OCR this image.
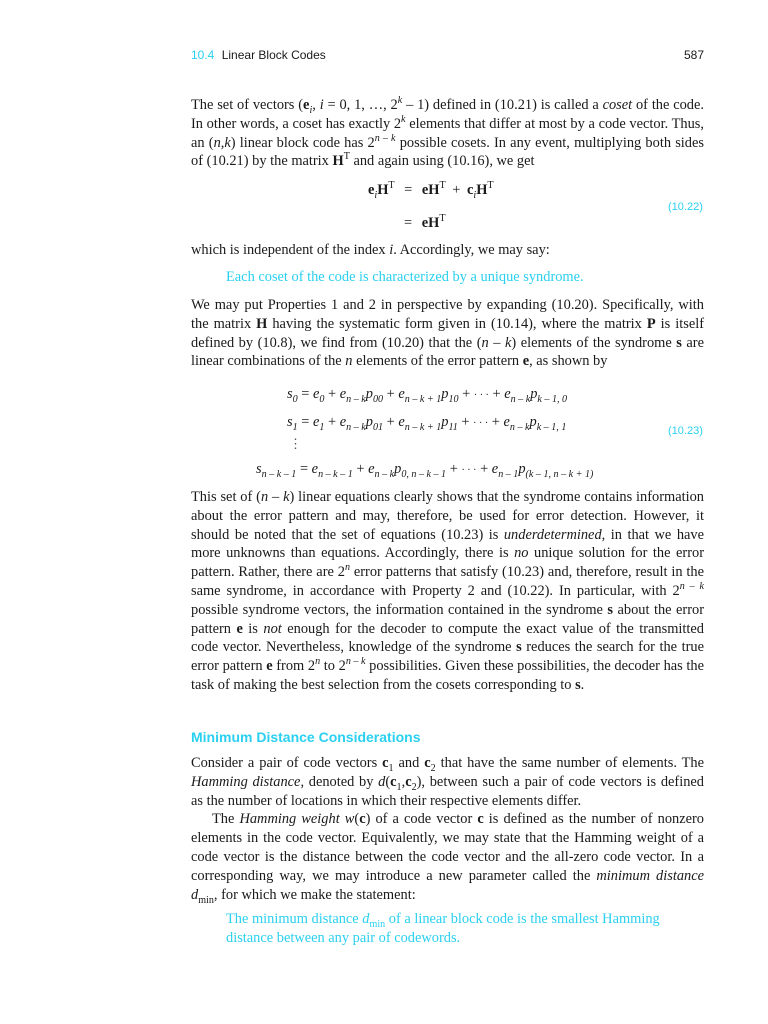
10.4 Linear Block Codes	587

The set of vectors ($e_i$, i = 0, 1, …, 2$^k$ – 1) defined in (10.21) is called a coset of the code. In other words, a coset has exactly 2$^k$ elements that differ at most by a code vector. Thus, an (n,k) linear block code has 2$^{n - k}$ possible cosets. In any event, multiplying both sides of (10.21) by the matrix $H^T$ and again using (10.16), we get

$e_iH^T = eH^T + c_iH^T$
(10.22)
= $eH^T$

which is independent of the index i. Accordingly, we may say:

Each coset of the code is characterized by a unique syndrome.

We may put Properties 1 and 2 in perspective by expanding (10.20). Specifically, with the matrix H having the systematic form given in (10.14), where the matrix P is itself defined by (10.8), we find from (10.20) that the (n – k) elements of the syndrome s are linear combinations of the n elements of the error pattern e, as shown by

$s_0 = e_0 + e_{n - k}p_{00} + e_{n - k + 1}p_{10}$ + · · · + $e_{n - k}p_{k - 1, 0}$
$s_1 = e_1 + e_{n - k}p_{01} + e_{n - k + 1}p_{11}$ + · · · + $e_{n - k}p_{k - 1, 1}$	(10.23)
⋮
$s_{n - k - 1} = e_{n - k - 1} + e_{n - k}p_{0, n - k - 1}$ + · · · + $e_{n - 1}p_{(k - 1, n - k + 1)}$

This set of (n – k) linear equations clearly shows that the syndrome contains information about the error pattern and may, therefore, be used for error detection. However, it should be noted that the set of equations (10.23) is underdetermined, in that we have more unknowns than equations. Accordingly, there is no unique solution for the error pattern. Rather, there are 2$^n$ error patterns that satisfy (10.23) and, therefore, result in the same syndrome, in accordance with Property 2 and (10.22). In particular, with 2$^{n - k}$ possible syndrome vectors, the information contained in the syndrome s about the error pattern e is not enough for the decoder to compute the exact value of the transmitted code vector. Nevertheless, knowledge of the syndrome s reduces the search for the true error pattern e from 2$^n$ to 2$^{n - k}$ possibilities. Given these possibilities, the decoder has the task of making the best selection from the cosets corresponding to s.

Minimum Distance Considerations

Consider a pair of code vectors $c_1$ and $c_2$ that have the same number of elements. The Hamming distance, denoted by $d(c_1,c_2)$, between such a pair of code vectors is defined as the number of locations in which their respective elements differ.

The Hamming weight w(c) of a code vector c is defined as the number of nonzero elements in the code vector. Equivalently, we may state that the Hamming weight of a code vector is the distance between the code vector and the all-zero code vector. In a corresponding way, we may introduce a new parameter called the minimum distance $d_{min}$, for which we make the statement:

The minimum distance $d_{min}$ of a linear block code is the smallest Hamming distance between any pair of codewords.
